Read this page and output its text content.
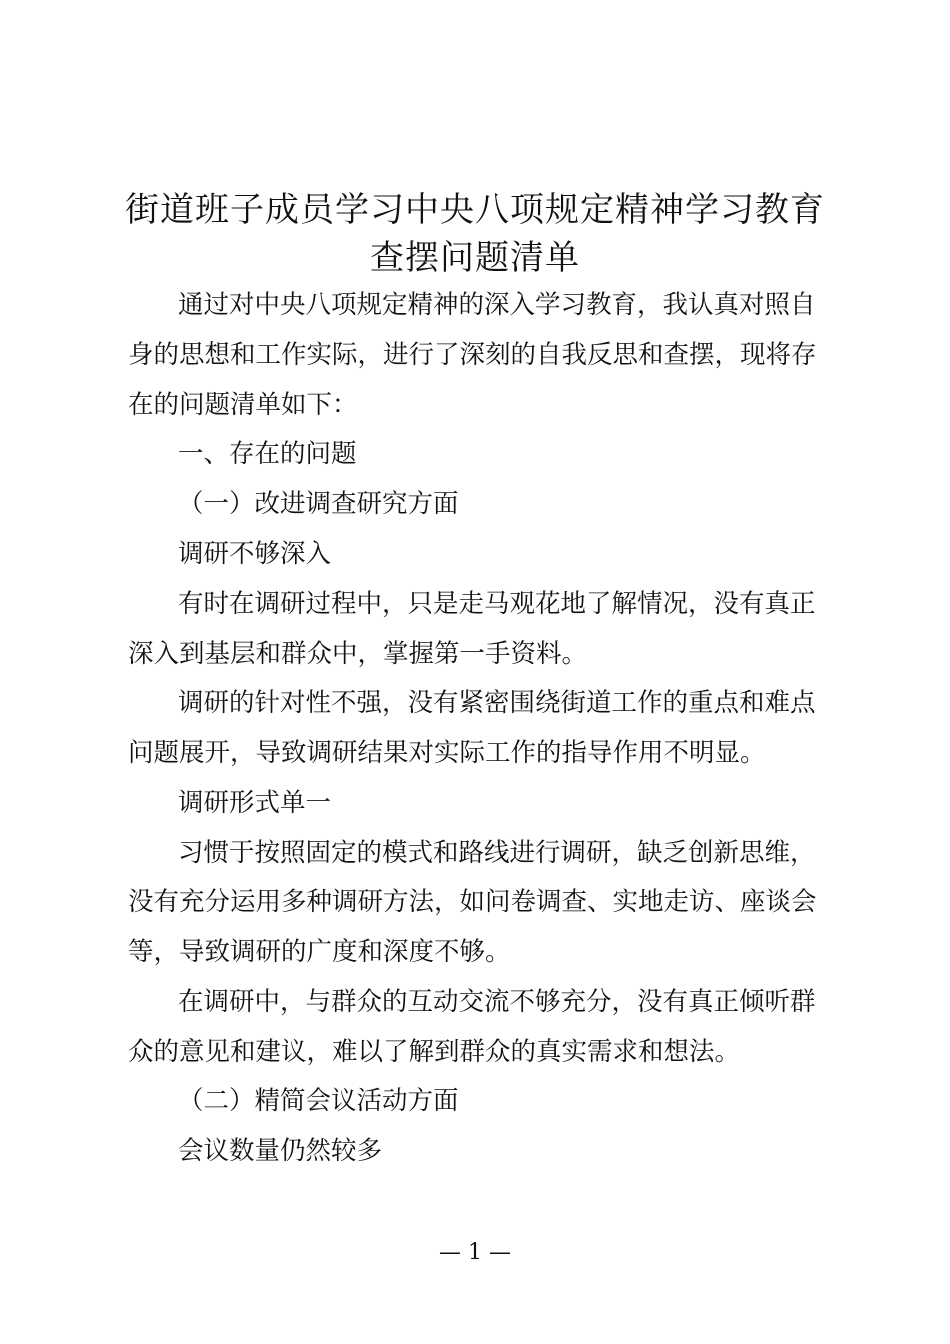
街道班子成员学习中央八项规定精神学习教育
查摆问题清单
通过对中央八项规定精神的深入学习教育，我认真对照自
身的思想和工作实际，进行了深刻的自我反思和查摆，现将存
在的问题清单如下：
一、存在的问题
（一）改进调查研究方面
调研不够深入
有时在调研过程中，只是走马观花地了解情况，没有真正
深入到基层和群众中，掌握第一手资料。
调研的针对性不强，没有紧密围绕街道工作的重点和难点
问题展开，导致调研结果对实际工作的指导作用不明显。
调研形式单一
习惯于按照固定的模式和路线进行调研，缺乏创新思维，
没有充分运用多种调研方法，如问卷调查、实地走访、座谈会
等，导致调研的广度和深度不够。
在调研中，与群众的互动交流不够充分，没有真正倾听群
众的意见和建议，难以了解到群众的真实需求和想法。
（二）精简会议活动方面
会议数量仍然较多
— 1 —
